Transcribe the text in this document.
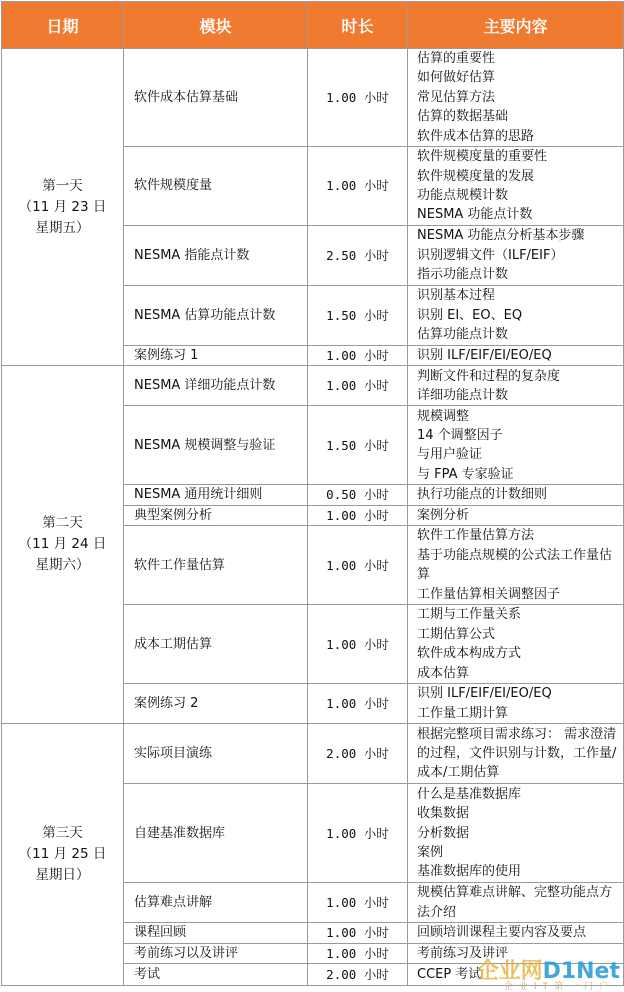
日期	模块	时长	主要内容

第一天
（11 月 23 日
星期五）	软件成本估算基础	1.00 小时	估算的重要性
如何做好估算
常见估算方法
估算的数据基础
软件成本估算的思路

	软件规模度量	1.00 小时	软件规模度量的重要性
软件规模度量的发展
功能点规模计数
NESMA 功能点计数

	NESMA 指能点计数	2.50 小时	NESMA 功能点分析基本步骤
识别逻辑文件（ILF/EIF）
指示功能点计数

	NESMA 估算功能点计数	1.50 小时	识别基本过程
识别 EI、EO、EQ
估算功能点计数

	案例练习 1	1.00 小时	识别 ILF/EIF/EI/EO/EQ

第二天
（11 月 24 日
星期六）	NESMA 详细功能点计数	1.00 小时	判断文件和过程的复杂度
详细功能点计数

	NESMA 规模调整与验证	1.50 小时	规模调整
14 个调整因子
与用户验证
与 FPA 专家验证

	NESMA 通用统计细则	0.50 小时	执行功能点的计数细则

	典型案例分析	1.00 小时	案例分析

	软件工作量估算	1.00 小时	软件工作量估算方法
基于功能点规模的公式法工作量估算
工作量估算相关调整因子

	成本工期估算	1.00 小时	工期与工作量关系
工期估算公式
软件成本构成方式
成本估算

	案例练习 2	1.00 小时	识别 ILF/EIF/EI/EO/EQ
工作量工期计算

第三天
（11 月 25 日
星期日）	实际项目演练	2.00 小时	根据完整项目需求练习： 需求澄清的过程，文件识别与计数，工作量/成本/工期估算

	自建基准数据库	1.00 小时	什么是基准数据库
收集数据
分析数据
案例
基准数据库的使用

	估算难点讲解	1.00 小时	规模估算难点讲解、完整功能点方法介绍

	课程回顾	1.00 小时	回顾培训课程主要内容及要点

	考前练习以及讲评	1.00 小时	考前练习及讲评

	考试	2.00 小时	CCEP 考试
企业网D1Net
企业IT第一门户
